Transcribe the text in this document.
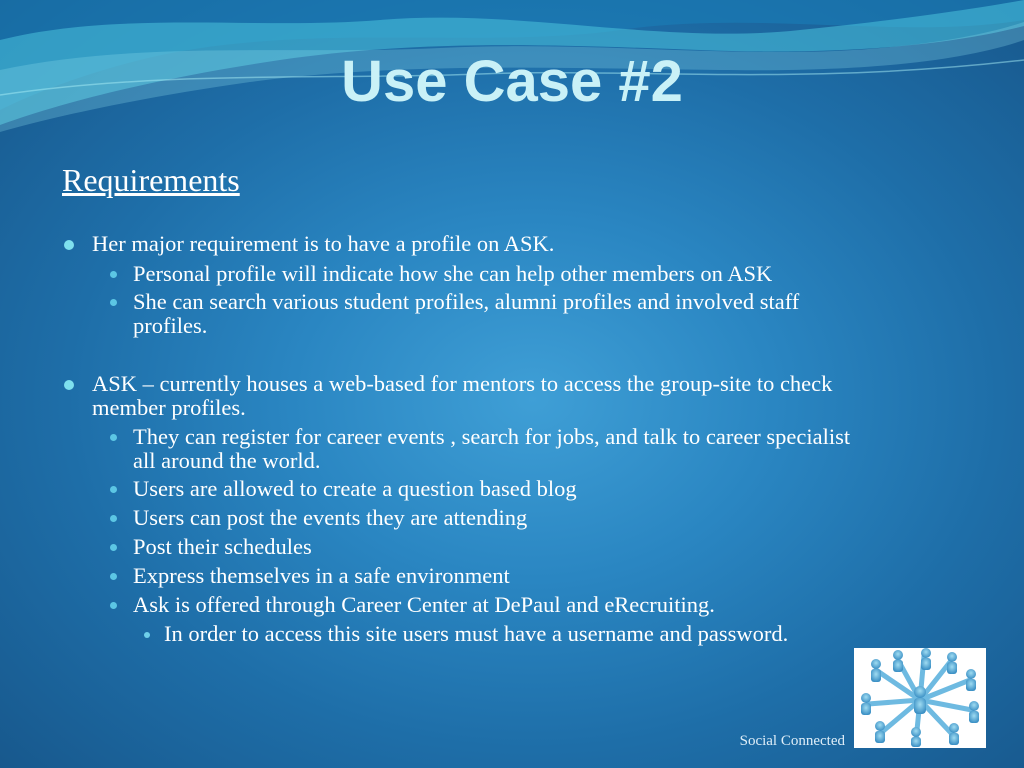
Use Case #2
Requirements
Her major requirement is to have a profile on ASK.
Personal profile will indicate how she can help other members on ASK
She can search various student profiles, alumni profiles and involved staff
profiles.
ASK – currently houses a web-based for mentors to access the group-site to check
member profiles.
They can register for career events , search for jobs, and talk to career specialist
all around the world.
Users are allowed to create a question based blog
Users can post the events they are attending
Post their schedules
Express themselves in a safe environment
Ask is offered through Career Center at DePaul and eRecruiting.
In order to access this site users must have a username and password.
Social Connected
